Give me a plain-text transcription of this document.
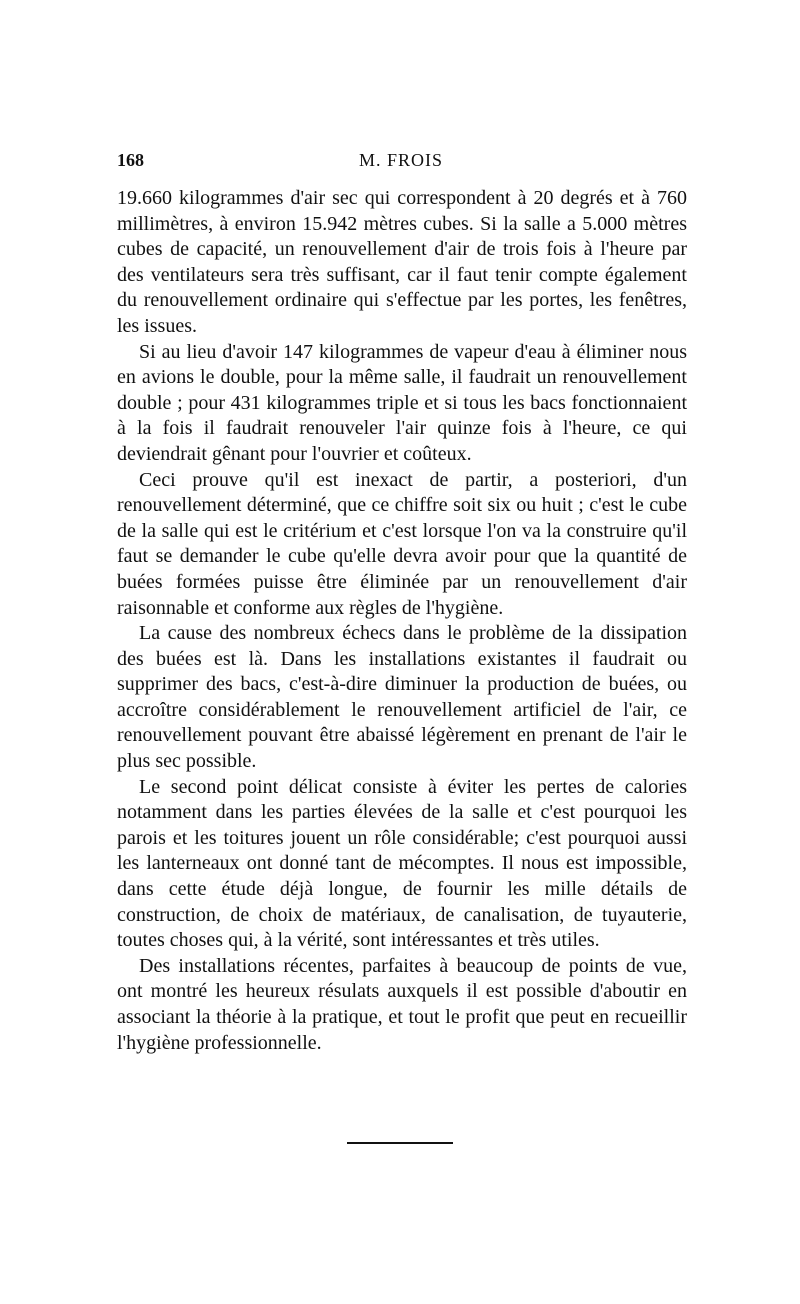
168	M. FROIS

19.660 kilogrammes d'air sec qui correspondent à 20 degrés et à 760 millimètres, à environ 15.942 mètres cubes. Si la salle a 5.000 mètres cubes de capacité, un renouvellement d'air de trois fois à l'heure par des ventilateurs sera très suffisant, car il faut tenir compte également du renouvellement ordinaire qui s'effectue par les portes, les fenêtres, les issues.

Si au lieu d'avoir 147 kilogrammes de vapeur d'eau à éliminer nous en avions le double, pour la même salle, il faudrait un renouvellement double ; pour 431 kilogrammes triple et si tous les bacs fonctionnaient à la fois il faudrait renouveler l'air quinze fois à l'heure, ce qui deviendrait gênant pour l'ouvrier et coûteux.

Ceci prouve qu'il est inexact de partir, a posteriori, d'un renouvellement déterminé, que ce chiffre soit six ou huit ; c'est le cube de la salle qui est le critérium et c'est lorsque l'on va la construire qu'il faut se demander le cube qu'elle devra avoir pour que la quantité de buées formées puisse être éliminée par un renouvellement d'air raisonnable et conforme aux règles de l'hygiène.

La cause des nombreux échecs dans le problème de la dissipation des buées est là. Dans les installations existantes il faudrait ou supprimer des bacs, c'est-à-dire diminuer la production de buées, ou accroître considérablement le renouvellement artificiel de l'air, ce renouvellement pouvant être abaissé légèrement en prenant de l'air le plus sec possible.

Le second point délicat consiste à éviter les pertes de calories notamment dans les parties élevées de la salle et c'est pourquoi les parois et les toitures jouent un rôle considérable; c'est pourquoi aussi les lanterneaux ont donné tant de mécomptes. Il nous est impossible, dans cette étude déjà longue, de fournir les mille détails de construction, de choix de matériaux, de canalisation, de tuyauterie, toutes choses qui, à la vérité, sont intéressantes et très utiles.

Des installations récentes, parfaites à beaucoup de points de vue, ont montré les heureux résulats auxquels il est possible d'aboutir en associant la théorie à la pratique, et tout le profit que peut en recueillir l'hygiène professionnelle.
